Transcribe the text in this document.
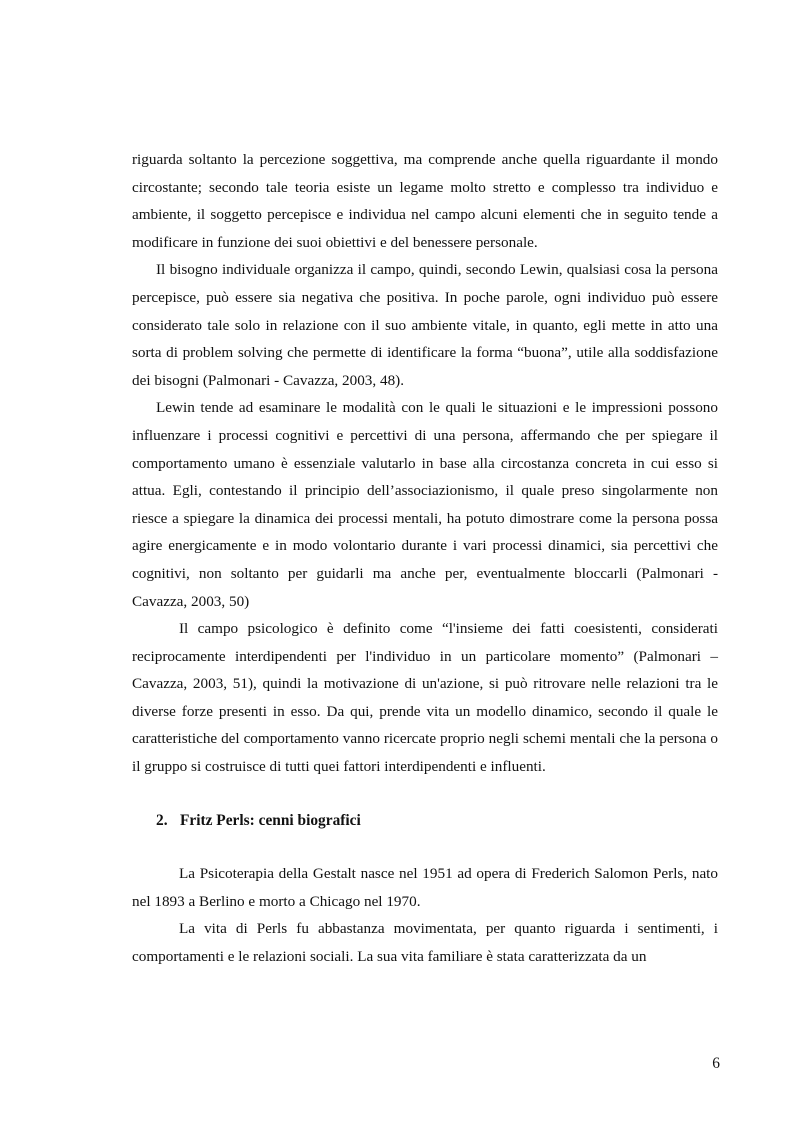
riguarda soltanto la percezione soggettiva, ma comprende anche quella riguardante il mondo circostante; secondo tale teoria esiste un legame molto stretto e complesso tra individuo e ambiente, il soggetto percepisce e individua nel campo alcuni elementi che in seguito tende a modificare in funzione dei suoi obiettivi e del benessere personale.

Il bisogno individuale organizza il campo, quindi, secondo Lewin, qualsiasi cosa la persona percepisce, può essere sia negativa che positiva. In poche parole, ogni individuo può essere considerato tale solo in relazione con il suo ambiente vitale, in quanto, egli mette in atto una sorta di problem solving che permette di identificare la forma “buona”, utile alla soddisfazione dei bisogni (Palmonari - Cavazza, 2003, 48).

Lewin tende ad esaminare le modalità con le quali le situazioni e le impressioni possono influenzare i processi cognitivi e percettivi di una persona, affermando che per spiegare il comportamento umano è essenziale valutarlo in base alla circostanza concreta in cui esso si attua. Egli, contestando il principio dell’associazionismo, il quale preso singolarmente non riesce a spiegare la dinamica dei processi mentali, ha potuto dimostrare come la persona possa agire energicamente e in modo volontario durante i vari processi dinamici, sia percettivi che cognitivi, non soltanto per guidarli ma anche per, eventualmente bloccarli (Palmonari - Cavazza, 2003, 50)

Il campo psicologico è definito come “l'insieme dei fatti coesistenti, considerati reciprocamente interdipendenti per l'individuo in un particolare momento” (Palmonari – Cavazza, 2003, 51), quindi la motivazione di un'azione, si può ritrovare nelle relazioni tra le diverse forze presenti in esso. Da qui, prende vita un modello dinamico, secondo il quale le caratteristiche del comportamento vanno ricercate proprio negli schemi mentali che la persona o il gruppo si costruisce di tutti quei fattori interdipendenti e influenti.

2. Fritz Perls: cenni biografici

La Psicoterapia della Gestalt nasce nel 1951 ad opera di Frederich Salomon Perls, nato nel 1893 a Berlino e morto a Chicago nel 1970.

La vita di Perls fu abbastanza movimentata, per quanto riguarda i sentimenti, i comportamenti e le relazioni sociali. La sua vita familiare è stata caratterizzata da un

6
